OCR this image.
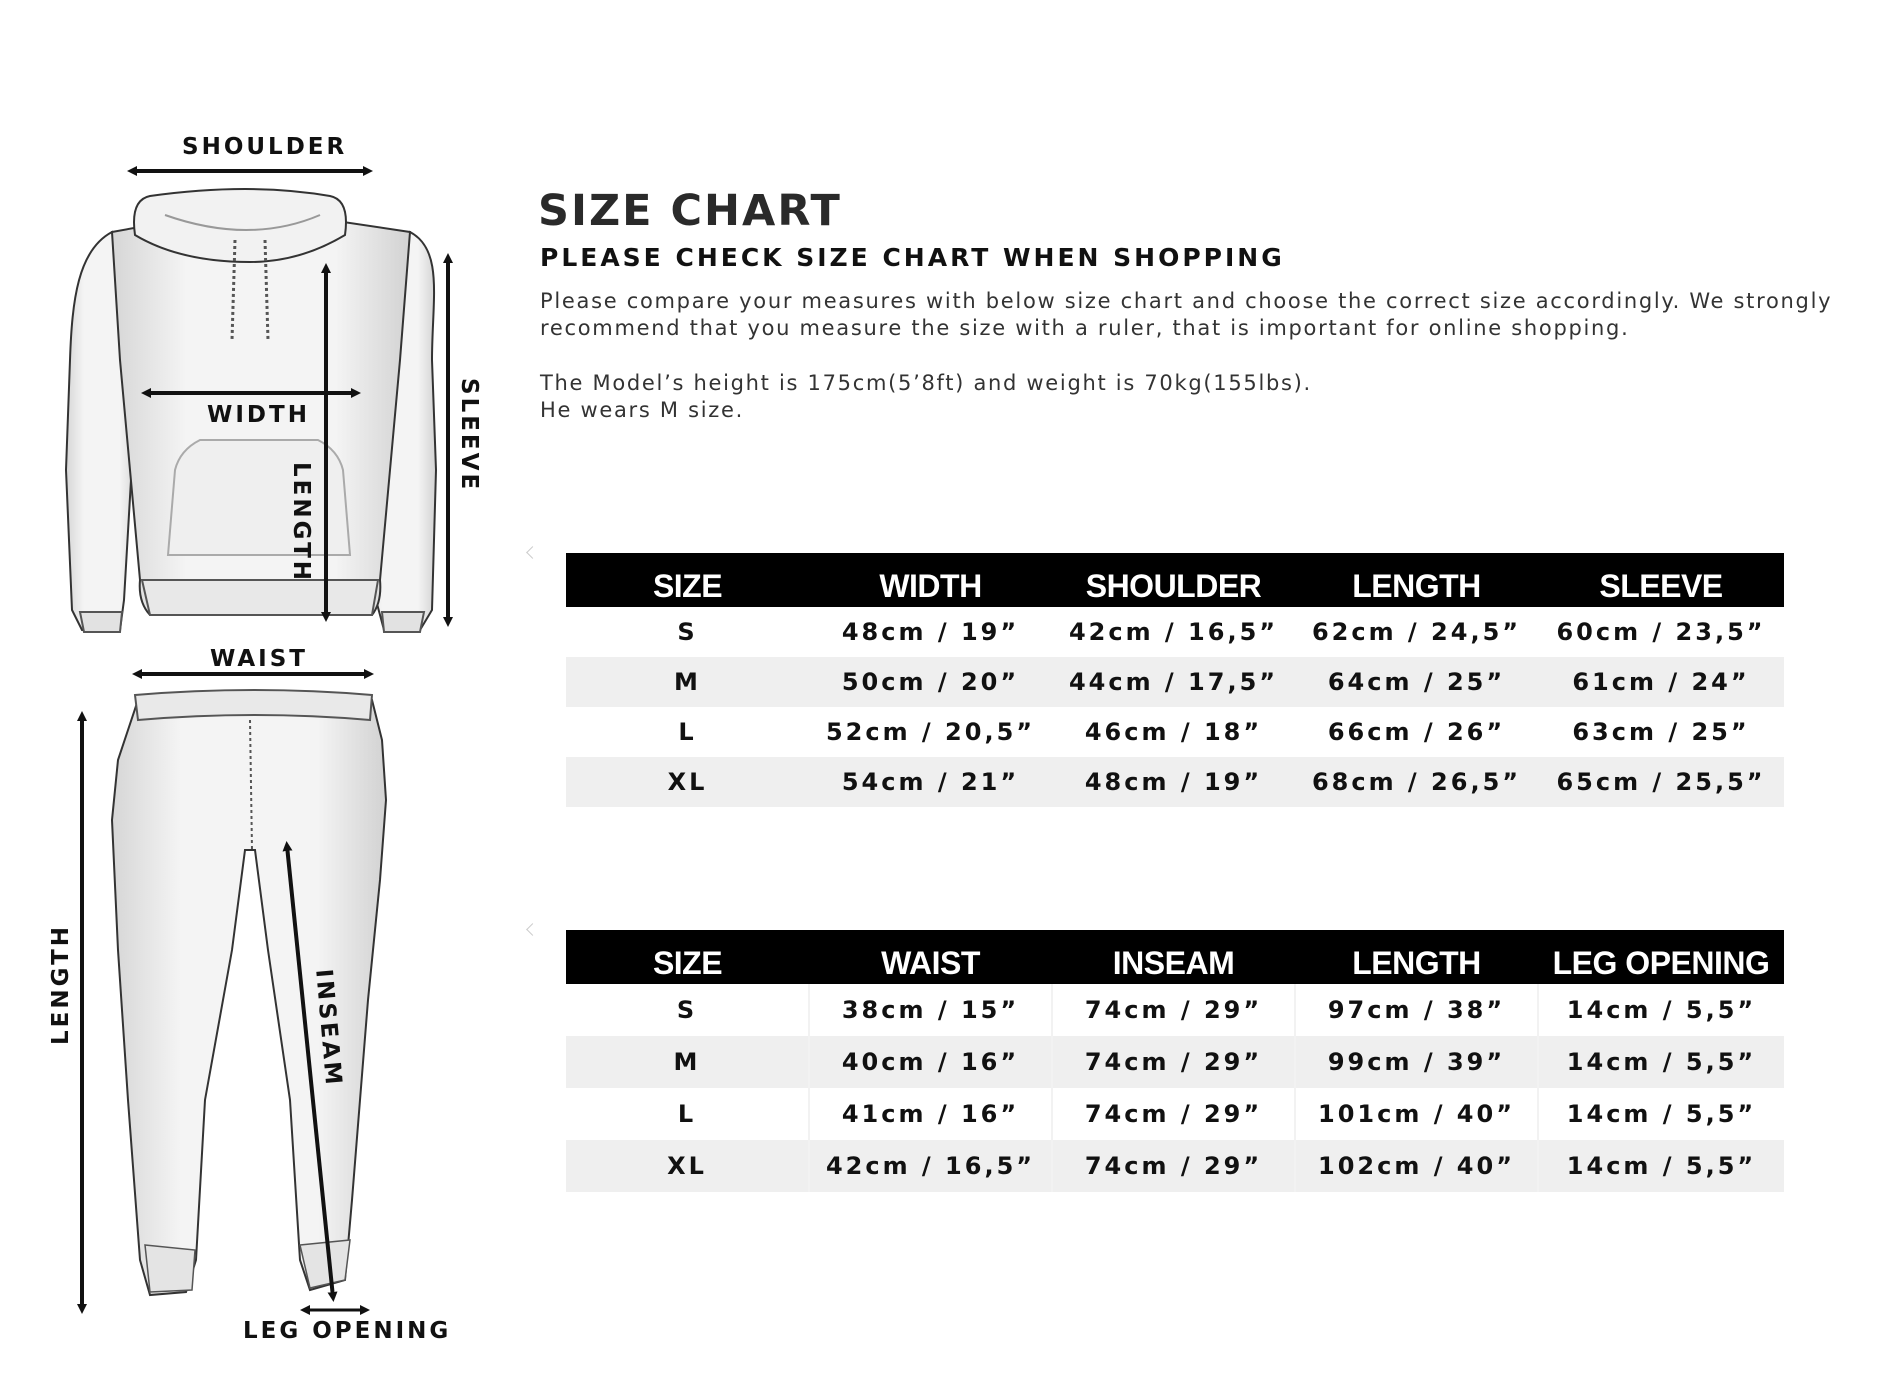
SHOULDER
WIDTH
LENGTH
SLEEVE
WAIST
LENGTH	INSEAM
LEG OPENING
SIZE CHART
PLEASE CHECK SIZE CHART WHEN SHOPPING
Please compare your measures with below size chart and choose the correct size accordingly. We strongly recommend that you measure the size with a ruler, that is important for online shopping.
The Model’s height is 175cm(5’8ft) and weight is 70kg(155lbs).
He wears M size.
SIZE	WIDTH	SHOULDER	LENGTH	SLEEVE
S	48cm / 19”	42cm / 16,5”	62cm / 24,5”	60cm / 23,5”
M	50cm / 20”	44cm / 17,5”	64cm / 25”	61cm / 24”
L	52cm / 20,5”	46cm / 18”	66cm / 26”	63cm / 25”
XL	54cm / 21”	48cm / 19”	68cm / 26,5”	65cm / 25,5”
SIZE	WAIST	INSEAM	LENGTH	LEG OPENING
S	38cm / 15”	74cm / 29”	97cm / 38”	14cm / 5,5”
M	40cm / 16”	74cm / 29”	99cm / 39”	14cm / 5,5”
L	41cm / 16”	74cm / 29”	101cm / 40”	14cm / 5,5”
XL	42cm / 16,5”	74cm / 29”	102cm / 40”	14cm / 5,5”
